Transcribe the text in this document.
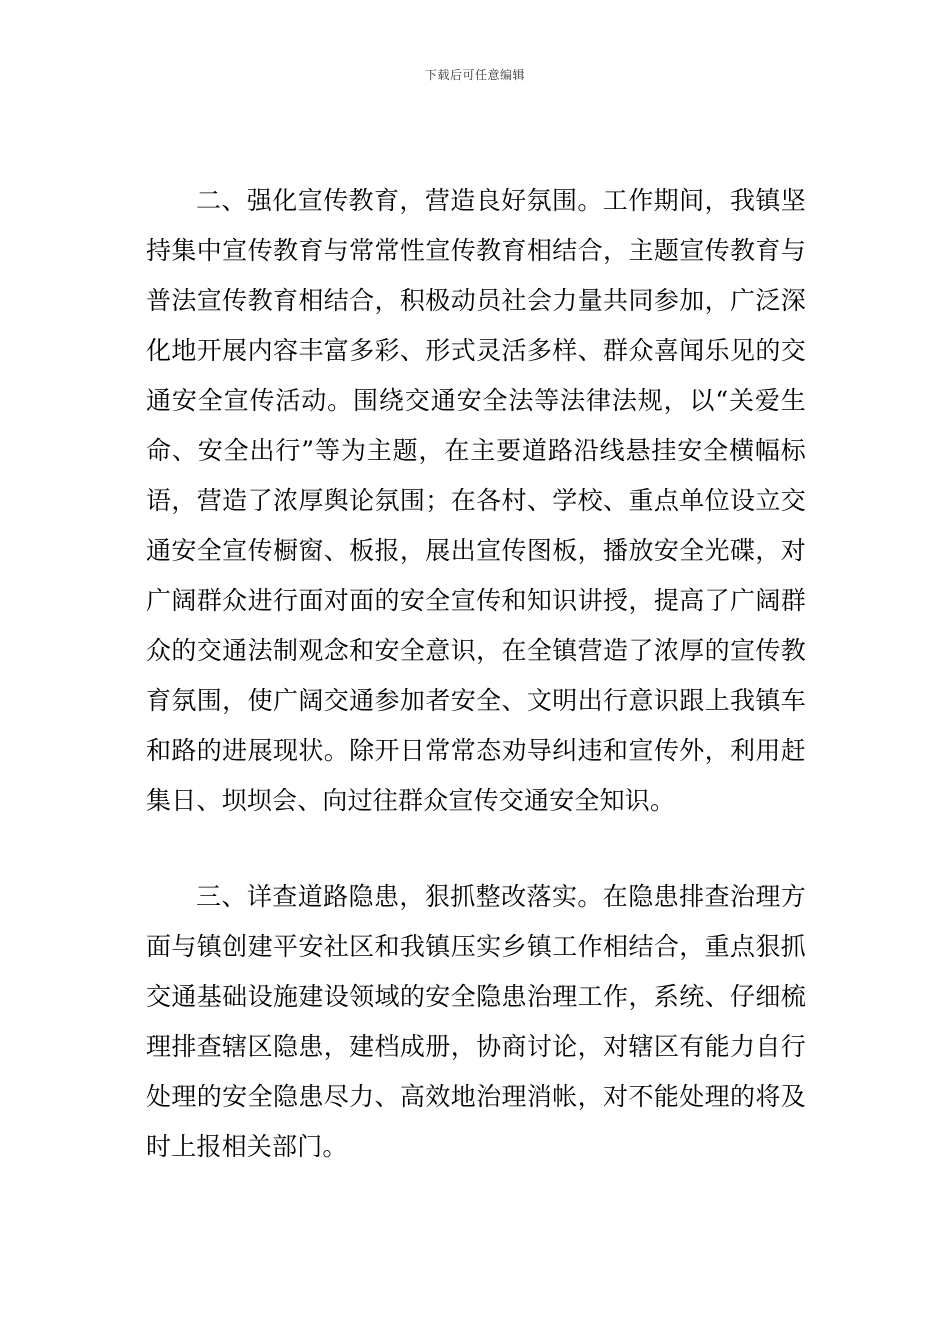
下载后可任意编辑

二、强化宣传教育，营造良好氛围。工作期间，我镇坚持集中宣传教育与常常性宣传教育相结合，主题宣传教育与普法宣传教育相结合，积极动员社会力量共同参加，广泛深化地开展内容丰富多彩、形式灵活多样、群众喜闻乐见的交通安全宣传活动。围绕交通安全法等法律法规，以“关爱生命、安全出行”等为主题，在主要道路沿线悬挂安全横幅标语，营造了浓厚舆论氛围；在各村、学校、重点单位设立交通安全宣传橱窗、板报，展出宣传图板，播放安全光碟，对广阔群众进行面对面的安全宣传和知识讲授，提高了广阔群众的交通法制观念和安全意识，在全镇营造了浓厚的宣传教育氛围，使广阔交通参加者安全、文明出行意识跟上我镇车和路的进展现状。除开日常常态劝导纠违和宣传外，利用赶集日、坝坝会、向过往群众宣传交通安全知识。

三、详查道路隐患，狠抓整改落实。在隐患排查治理方面与镇创建平安社区和我镇压实乡镇工作相结合，重点狠抓交通基础设施建设领域的安全隐患治理工作，系统、仔细梳理排查辖区隐患，建档成册，协商讨论，对辖区有能力自行处理的安全隐患尽力、高效地治理消帐，对不能处理的将及时上报相关部门。
